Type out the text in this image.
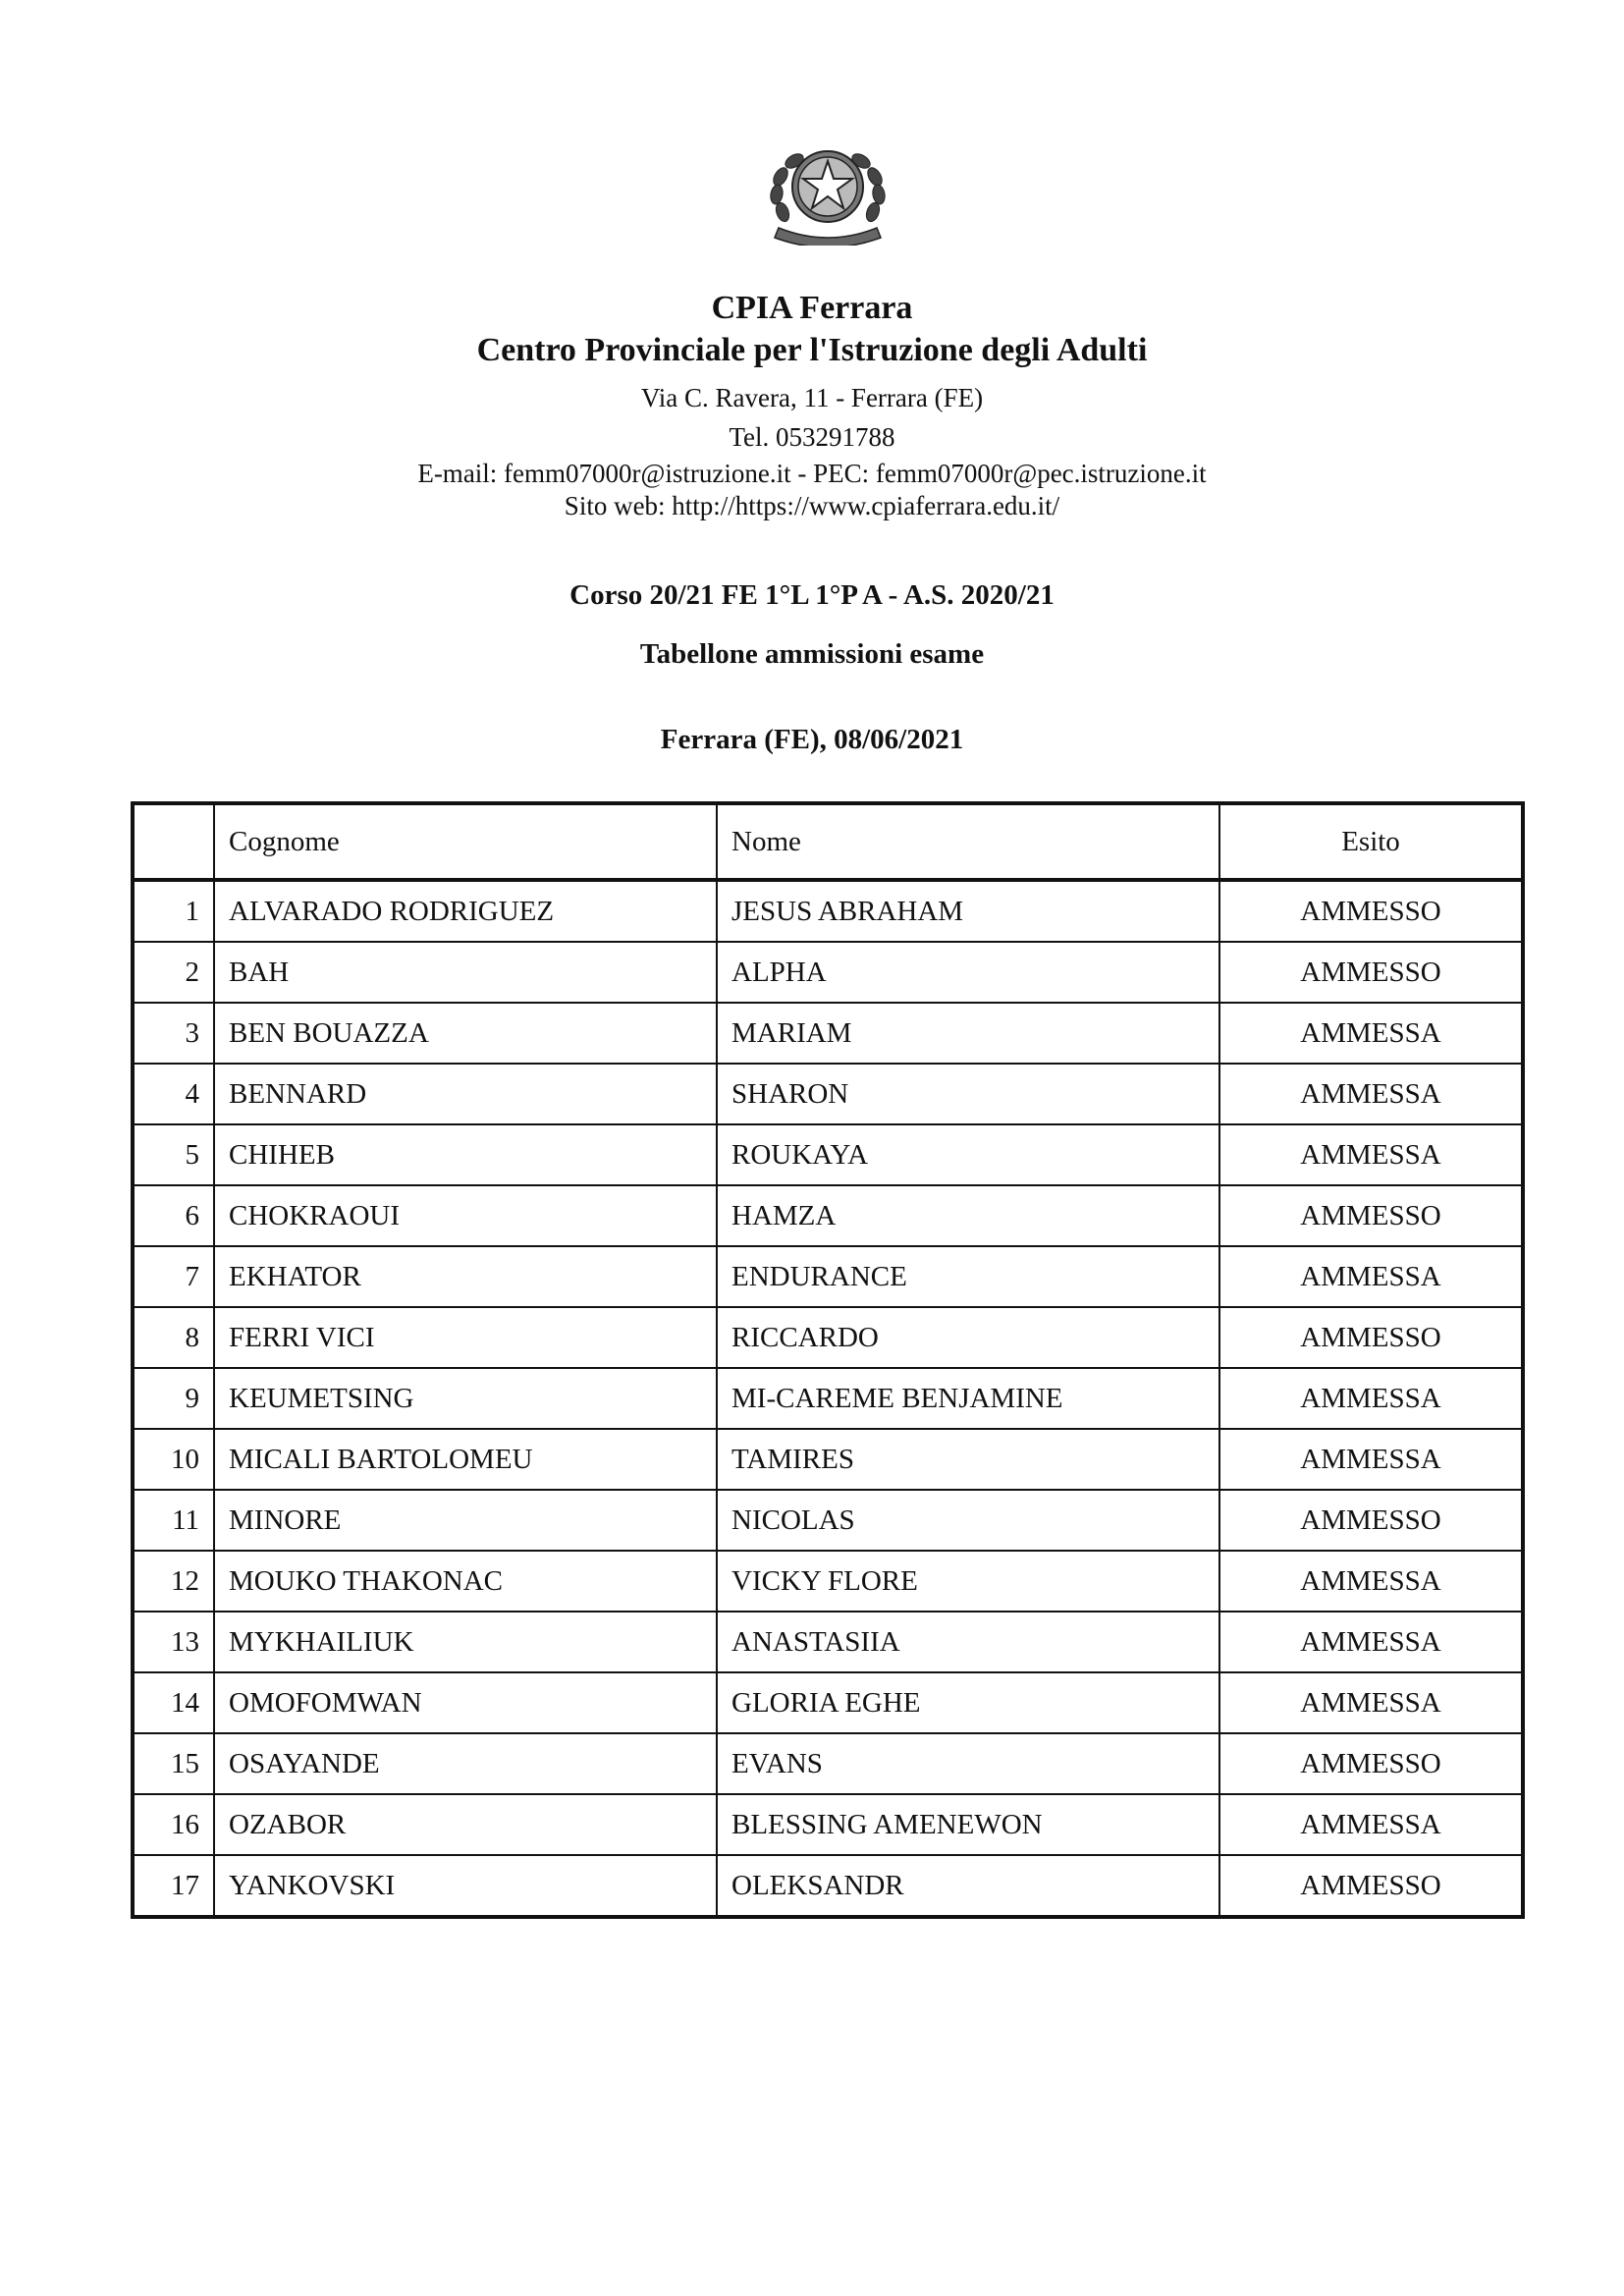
CPIA Ferrara
Centro Provinciale per l'Istruzione degli Adulti
Via C. Ravera, 11 - Ferrara (FE)
Tel. 053291788
E-mail: femm07000r@istruzione.it - PEC: femm07000r@pec.istruzione.it
Sito web: http://https://www.cpiaferrara.edu.it/
Corso 20/21 FE 1°L 1°P A - A.S. 2020/21
Tabellone ammissioni esame
Ferrara (FE), 08/06/2021
	Cognome	Nome	Esito
1	ALVARADO RODRIGUEZ	JESUS ABRAHAM	AMMESSO
2	BAH	ALPHA	AMMESSO
3	BEN BOUAZZA	MARIAM	AMMESSA
4	BENNARD	SHARON	AMMESSA
5	CHIHEB	ROUKAYA	AMMESSA
6	CHOKRAOUI	HAMZA	AMMESSO
7	EKHATOR	ENDURANCE	AMMESSA
8	FERRI VICI	RICCARDO	AMMESSO
9	KEUMETSING	MI-CAREME BENJAMINE	AMMESSA
10	MICALI BARTOLOMEU	TAMIRES	AMMESSA
11	MINORE	NICOLAS	AMMESSO
12	MOUKO THAKONAC	VICKY FLORE	AMMESSA
13	MYKHAILIUK	ANASTASIIA	AMMESSA
14	OMOFOMWAN	GLORIA EGHE	AMMESSA
15	OSAYANDE	EVANS	AMMESSO
16	OZABOR	BLESSING AMENEWON	AMMESSA
17	YANKOVSKI	OLEKSANDR	AMMESSO
